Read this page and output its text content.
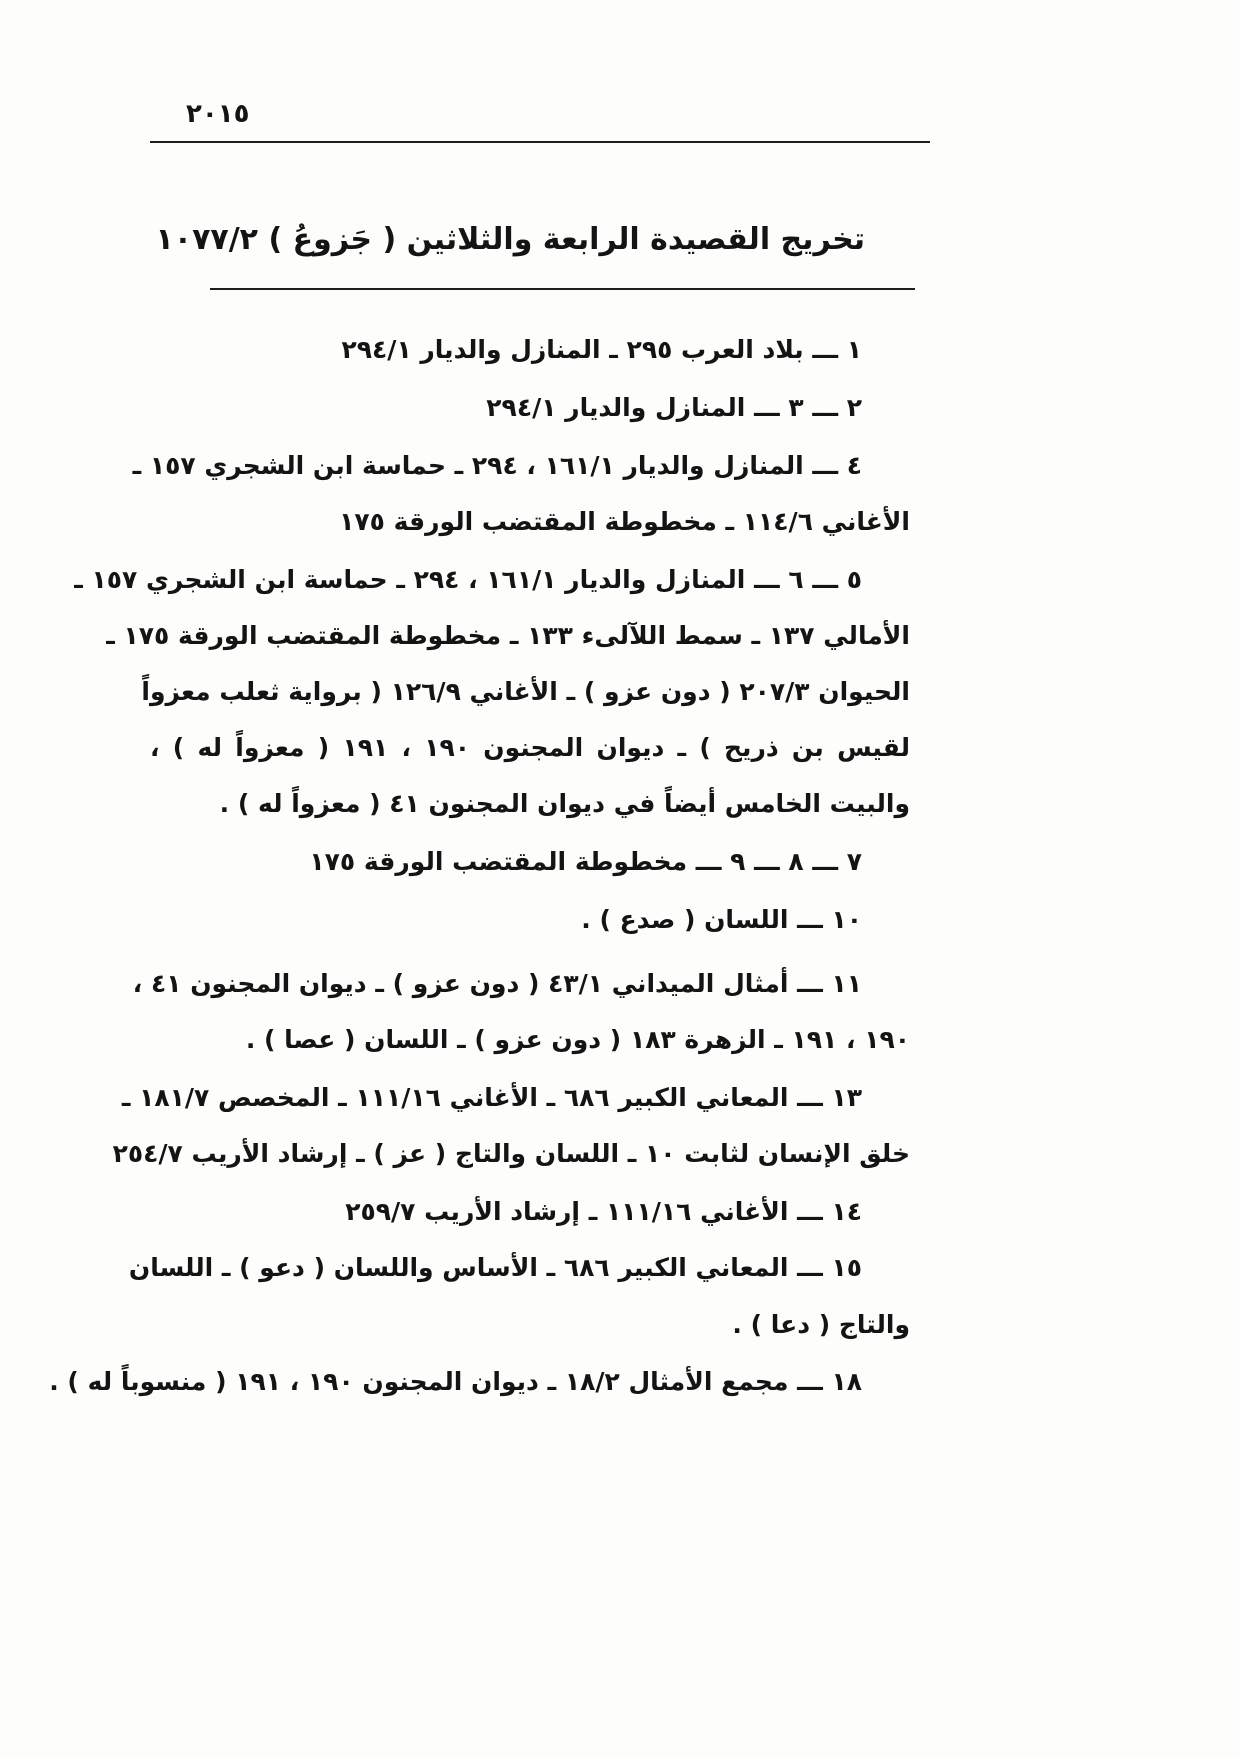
٢٠١٥
تخريج القصيدة الرابعة والثلاثين ( جَزوعُ ) ١٠٧٧/٢
١ ـــ بلاد العرب ٢٩٥ ـ المنازل والديار ٢٩٤/١
٢ ـــ ٣ ـــ المنازل والديار ٢٩٤/١
٤ ـــ المنازل والديار ١٦١/١ ، ٢٩٤ ـ حماسة ابن الشجري ١٥٧ ـ
الأغاني ١١٤/٦ ـ مخطوطة المقتضب الورقة ١٧٥
٥ ـــ ٦ ـــ المنازل والديار ١٦١/١ ، ٢٩٤ ـ حماسة ابن الشجري ١٥٧ ـ
الأمالي ١٣٧ ـ سمط اللآلىء ١٣٣ ـ مخطوطة المقتضب الورقة ١٧٥ ـ
الحيوان ٢٠٧/٣ ( دون عزو ) ـ الأغاني ١٢٦/٩ ( برواية ثعلب معزواً
لقيس بن ذريح ) ـ ديوان المجنون ١٩٠ ، ١٩١ ( معزواً له ) ،
والبيت الخامس أيضاً في ديوان المجنون ٤١ ( معزواً له ) .
٧ ـــ ٨ ـــ ٩ ـــ مخطوطة المقتضب الورقة ١٧٥
١٠ ـــ اللسان ( صدع ) .
١١ ـــ أمثال الميداني ٤٣/١ ( دون عزو ) ـ ديوان المجنون ٤١ ،
١٩٠ ، ١٩١ ـ الزهرة ١٨٣ ( دون عزو ) ـ اللسان ( عصا ) .
١٣ ـــ المعاني الكبير ٦٨٦ ـ الأغاني ١١١/١٦ ـ المخصص ١٨١/٧ ـ
خلق الإنسان لثابت ١٠ ـ اللسان والتاج ( عز ) ـ إرشاد الأريب ٢٥٤/٧
١٤ ـــ الأغاني ١١١/١٦ ـ إرشاد الأريب ٢٥٩/٧
١٥ ـــ المعاني الكبير ٦٨٦ ـ الأساس واللسان ( دعو ) ـ اللسان
والتاج ( دعا ) .
١٨ ـــ مجمع الأمثال ١٨/٢ ـ ديوان المجنون ١٩٠ ، ١٩١ ( منسوباً له ) .
